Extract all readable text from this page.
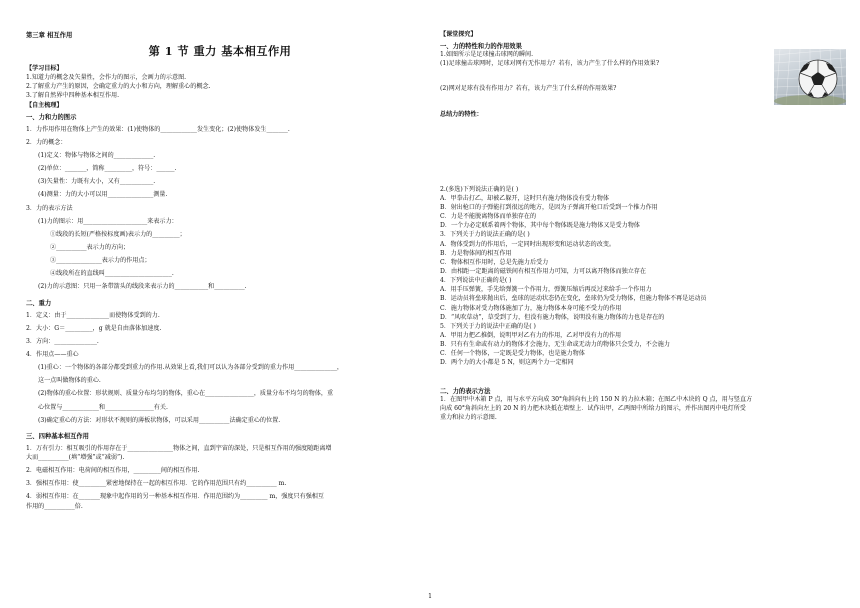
第三章 相互作用
第 1 节 重力 基本相互作用
【学习目标】
1.知道力的概念及矢量性，会作力的图示，会画力的示意图.
2.了解重力产生的原因，会确定重力的大小和方向，理解重心的概念.
3.了解自然界中四种基本相互作用.
【自主梳理】
一、力和力的图示
1．力作用作用在物体上产生的效果：(1)使物体的____________发生变化；(2)使物体发生_______.
2．力的概念：
(1)定义：物体与物体之间的_____________.
(2)单位：_______，简称_________，符号：______.
(3)矢量性：力既有大小，又有___________.
(4)测量：力的大小可以用_______________测量.
3．力的表示方法
(1)力的图示：用_____________________来表示力：
①线段的长短(严格按标度画)表示力的_________；
②__________表示力的方向；
③_______________表示力的作用点；
④线段所在的直线叫______________________.
(2)力的示意图：只用一条带箭头的线段来表示力的___________和__________.
二、重力
1．定义：由于______________而使物体受到的力.
2．大小：G＝_________，g 就是自由落体加速度.
3．方向：______________.
4．作用点——重心
(1)重心：一个物体的各部分都受到重力的作用.从效果上看,我们可以认为各部分受到的重力作用______________，
这一点叫做物体的重心.
(2)物体的重心位置：形状规则、质量分布均匀的物体，重心在________________，质量分布不均匀的物体，重
心位置与____________和________________有关.
(3)确定重心的方法：对形状不规则的薄板状物体，可以采用__________法确定重心的位置.
三、四种基本相互作用
1．万有引力：相互吸引的作用存在于_______________物体之间，直到宇宙的深处，只是相互作用的强度随距离增
大而__________(填“增强”或“减弱”).
2．电磁相互作用：电荷间的相互作用，_________间的相互作用.
3．强相互作用：使_________紧密地保持在一起的相互作用．它的作用范围只有约__________ m.
4．弱相互作用：在_______现象中起作用的另一种基本相互作用．作用范围约为_________ m，强度只有强相互
作用的__________倍.
【课堂探究】
一、力的特性和力的作用效果
1.如图所示是足球撞击球网的瞬间.
(1)足球撞击球网时，足球对网有无作用力？若有，该力产生了什么样的作用效果?
(2)网对足球有没有作用力？若有，该力产生了什么样的作用效果?
总结力的特性：
2.(多选)下列说法正确的是( )
A．甲拳击打乙，却被乙躲开，这时只有施力物体没有受力物体
B．射出枪口的子弹能打到很远的地方，是因为子弹离开枪口后受到一个推力作用
C．力是不能脱离物体而单独存在的
D．一个力必定联系着两个物体，其中每个物体既是施力物体又是受力物体
3．下列关于力的说法正确的是( )
A．物体受到力的作用后，一定同时出现形变和运动状态的改变。
B．力是物体间的相互作用
C．物体相互作用时，总是先施力后受力
D．由相距一定距离的磁铁间有相互作用力可知，力可以离开物体而独立存在
4．下列说法中正确的是( )
A．用手压弹簧，手先给弹簧一个作用力，弹簧压缩后再反过来给手一个作用力
B．运动员将垒球抛出后，垒球的运动状态仍在变化，垒球仍为受力物体，但施力物体不再是运动员
C．施力物体对受力物体施加了力，施力物体本身可能不受力的作用
D．“风吹草动”，草受到了力，但没有施力物体，说明没有施力物体的力也是存在的
5．下列关于力的说法中正确的是( )
A．甲用力把乙推倒，说明甲对乙有力的作用，乙对甲没有力的作用
B．只有有生命或有动力的物体才会施力，无生命或无动力的物体只会受力，不会施力
C．任何一个物体，一定既是受力物体，也是施力物体
D．两个力的大小都是 5 N，则这两个力一定相同
二、力的表示方法
1．在图甲中木箱 P 点，用与水平方向成 30°角斜向右上的 150 N 的力拉木箱；在图乙中木块的 Q 点，用与竖直方
向成 60°角斜向左上的 20 N 的力把木块抵在墙壁上．试作出甲，乙两图中所给力的图示，并作出图丙中电灯所受
重力和拉力的示意图.
1
